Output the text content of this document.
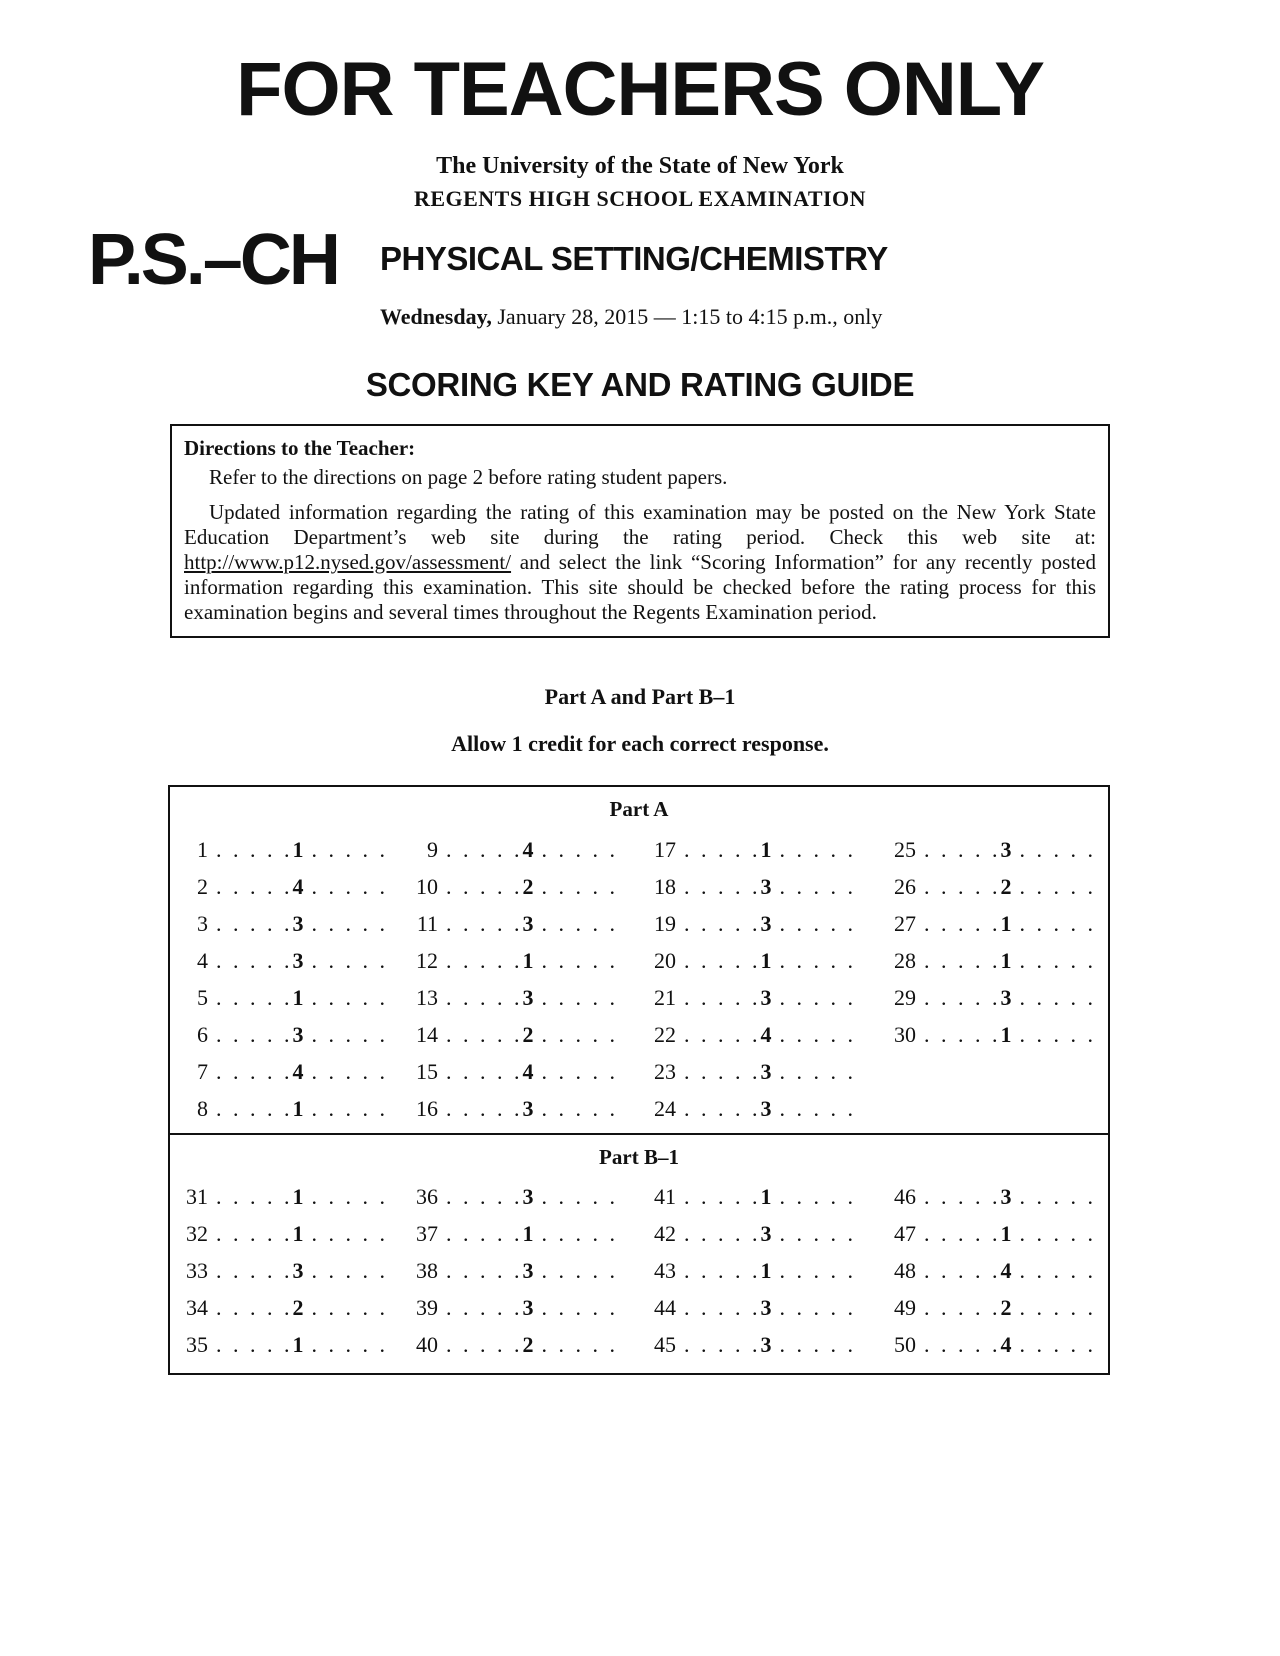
FOR TEACHERS ONLY
The University of the State of New York
REGENTS HIGH SCHOOL EXAMINATION
P.S.–CH PHYSICAL SETTING/CHEMISTRY
Wednesday, January 28, 2015 — 1:15 to 4:15 p.m., only
SCORING KEY AND RATING GUIDE
Directions to the Teacher:

Refer to the directions on page 2 before rating student papers.

Updated information regarding the rating of this examination may be posted on the New York State Education Department’s web site during the rating period. Check this web site at: http://www.p12.nysed.gov/assessment/ and select the link “Scoring Information” for any recently posted information regarding this examination. This site should be checked before the rating process for this examination begins and several times throughout the Regents Examination period.

Part A and Part B–1
Allow 1 credit for each correct response.
Part A
1 . . . . .1 . . . . .
2 . . . . .4 . . . . .
3 . . . . .3 . . . . .
4 . . . . .3 . . . . .
5 . . . . .1 . . . . .
6 . . . . .3 . . . . .
7 . . . . .4 . . . . .
8 . . . . .1 . . . . .
9 . . . . .4 . . . . .
10 . . . . .2 . . . . .
11 . . . . .3 . . . . .
12 . . . . .1 . . . . .
13 . . . . .3 . . . . .
14 . . . . .2 . . . . .
15 . . . . .4 . . . . .
16 . . . . .3 . . . . .
17 . . . . .1 . . . . .
18 . . . . .3 . . . . .
19 . . . . .3 . . . . .
20 . . . . .1 . . . . .
21 . . . . .3 . . . . .
22 . . . . .4 . . . . .
23 . . . . .3 . . . . .
24 . . . . .3 . . . . .
25 . . . . .3 . . . . .
26 . . . . .2 . . . . .
27 . . . . .1 . . . . .
28 . . . . .1 . . . . .
29 . . . . .3 . . . . .
30 . . . . .1 . . . . .
Part B–1
31 . . . . .1 . . . . .
32 . . . . .1 . . . . .
33 . . . . .3 . . . . .
34 . . . . .2 . . . . .
35 . . . . .1 . . . . .
36 . . . . .3 . . . . .
37 . . . . .1 . . . . .
38 . . . . .3 . . . . .
39 . . . . .3 . . . . .
40 . . . . .2 . . . . .
41 . . . . .1 . . . . .
42 . . . . .3 . . . . .
43 . . . . .1 . . . . .
44 . . . . .3 . . . . .
45 . . . . .3 . . . . .
46 . . . . .3 . . . . .
47 . . . . .1 . . . . .
48 . . . . .4 . . . . .
49 . . . . .2 . . . . .
50 . . . . .4 . . . . .
